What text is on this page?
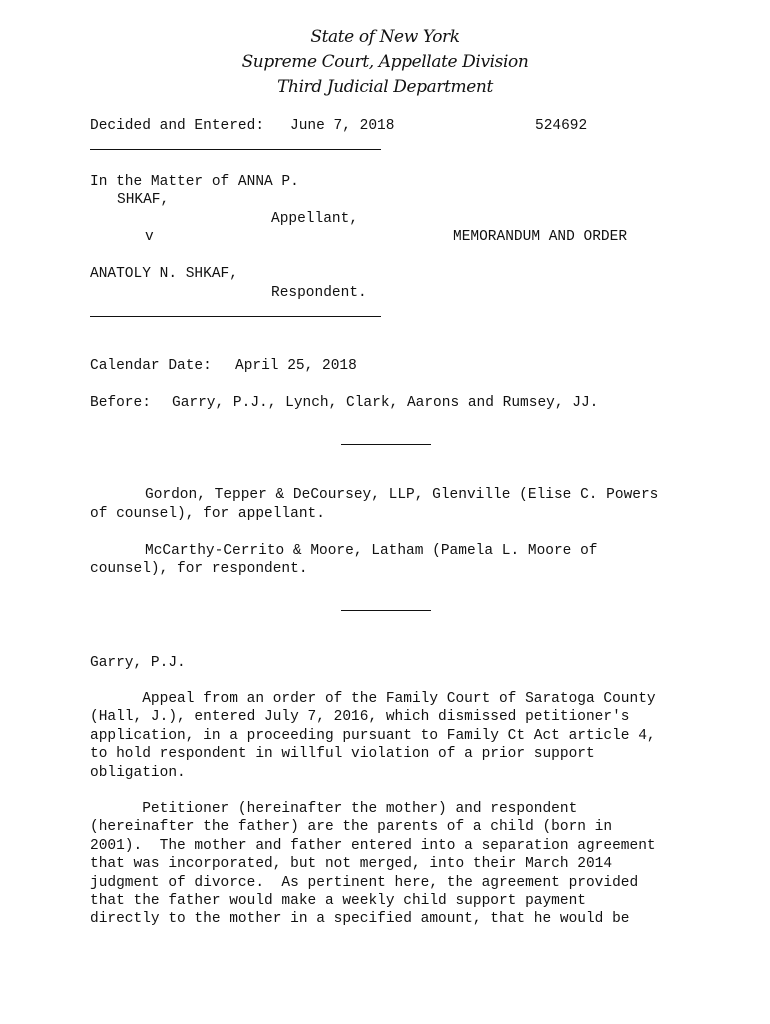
State of New York
Supreme Court, Appellate Division
Third Judicial Department
Decided and Entered: June 7, 2018	524692
In the Matter of ANNA P.
SHKAF,
Appellant,
v	MEMORANDUM AND ORDER
ANATOLY N. SHKAF,
Respondent.
Calendar Date: April 25, 2018
Before: Garry, P.J., Lynch, Clark, Aarons and Rumsey, JJ.
Gordon, Tepper & DeCoursey, LLP, Glenville (Elise C. Powers
of counsel), for appellant.
McCarthy-Cerrito & Moore, Latham (Pamela L. Moore of
counsel), for respondent.
Garry, P.J.
Appeal from an order of the Family Court of Saratoga County
(Hall, J.), entered July 7, 2016, which dismissed petitioner's
application, in a proceeding pursuant to Family Ct Act article 4,
to hold respondent in willful violation of a prior support
obligation.
Petitioner (hereinafter the mother) and respondent
(hereinafter the father) are the parents of a child (born in
2001).  The mother and father entered into a separation agreement
that was incorporated, but not merged, into their March 2014
judgment of divorce.  As pertinent here, the agreement provided
that the father would make a weekly child support payment
directly to the mother in a specified amount, that he would be
